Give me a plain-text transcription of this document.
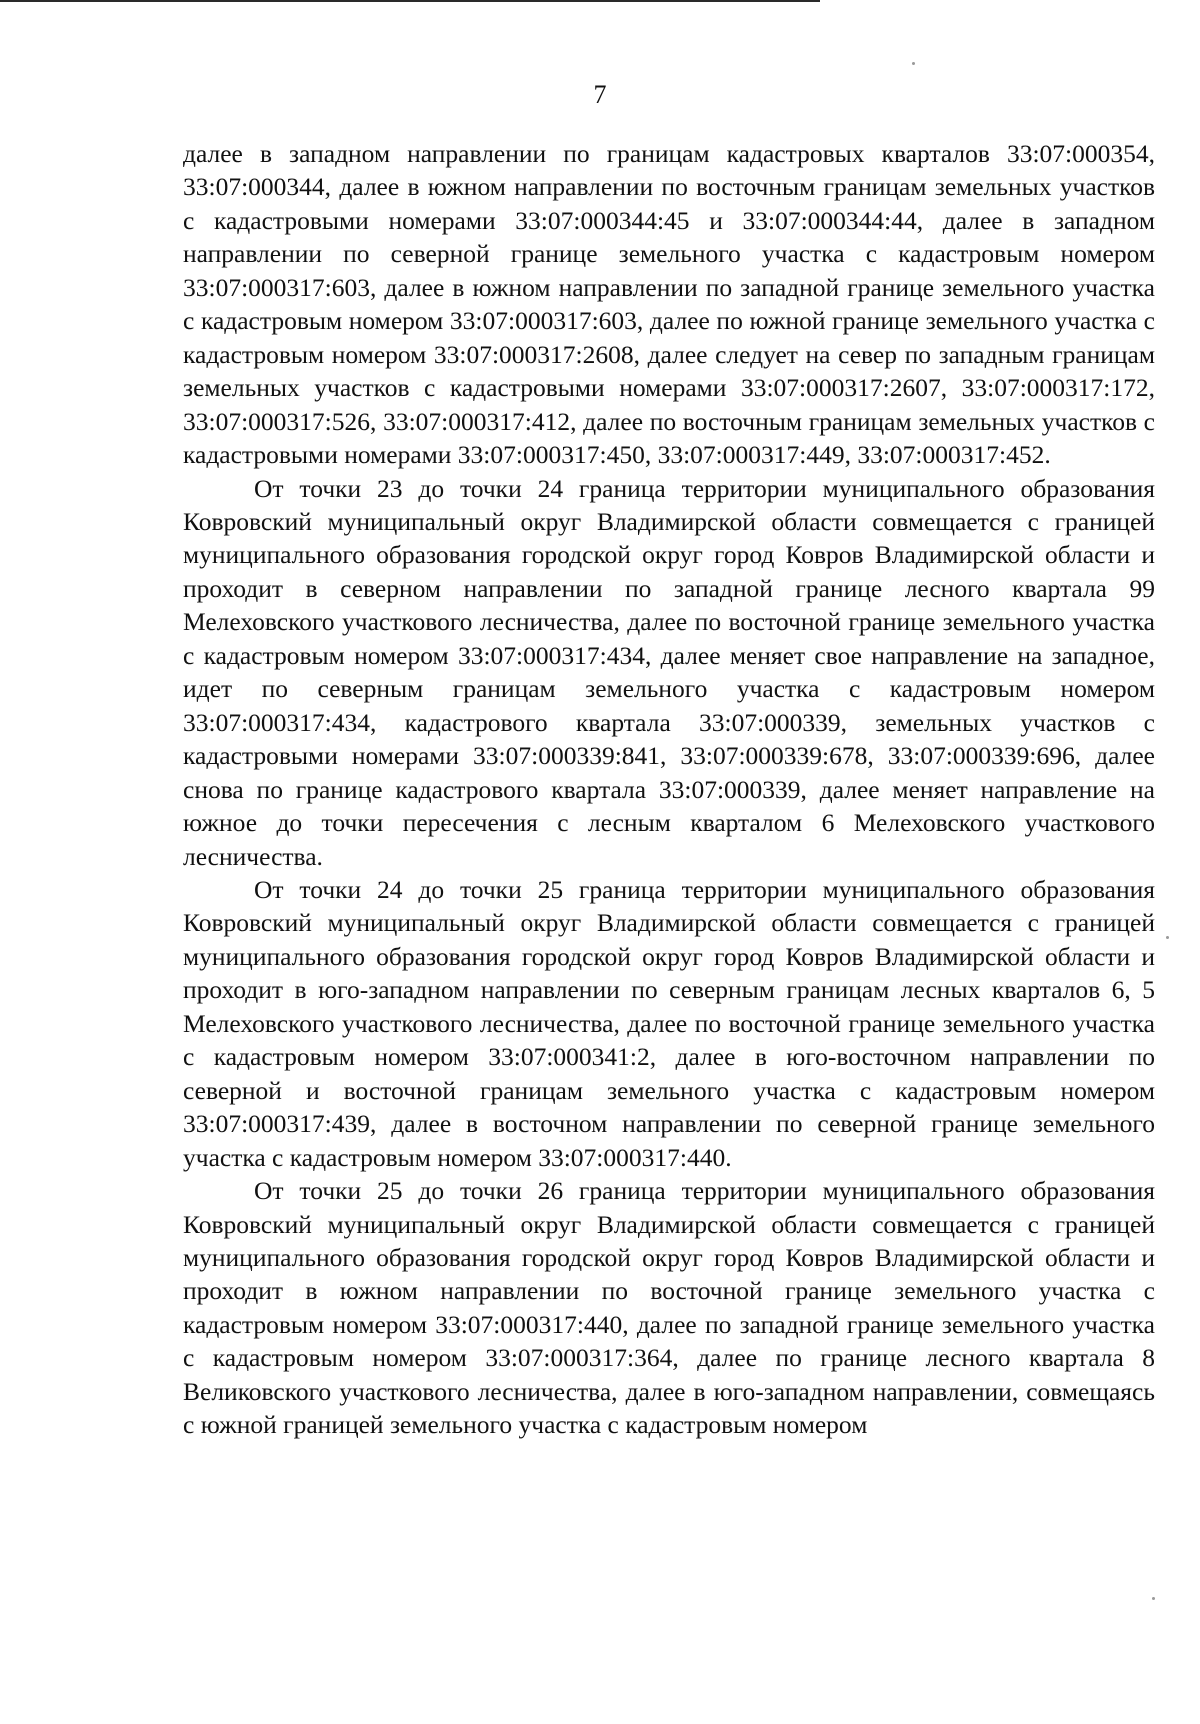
7

далее в западном направлении по границам кадастровых кварталов 33:07:000354, 33:07:000344, далее в южном направлении по восточным границам земельных участков с кадастровыми номерами 33:07:000344:45 и 33:07:000344:44, далее в западном направлении по северной границе земельного участка с кадастровым номером 33:07:000317:603, далее в южном направлении по западной границе земельного участка с кадастровым номером 33:07:000317:603, далее по южной границе земельного участка с кадастровым номером 33:07:000317:2608, далее следует на север по западным границам земельных участков с кадастровыми номерами 33:07:000317:2607, 33:07:000317:172, 33:07:000317:526, 33:07:000317:412, далее по восточным границам земельных участков с кадастровыми номерами 33:07:000317:450, 33:07:000317:449, 33:07:000317:452.

От точки 23 до точки 24 граница территории муниципального образования Ковровский муниципальный округ Владимирской области совмещается с границей муниципального образования городской округ город Ковров Владимирской области и проходит в северном направлении по западной границе лесного квартала 99 Мелеховского участкового лесничества, далее по восточной границе земельного участка с кадастровым номером 33:07:000317:434, далее меняет свое направление на западное, идет по северным границам земельного участка с кадастровым номером 33:07:000317:434, кадастрового квартала 33:07:000339, земельных участков с кадастровыми номерами 33:07:000339:841, 33:07:000339:678, 33:07:000339:696, далее снова по границе кадастрового квартала 33:07:000339, далее меняет направление на южное до точки пересечения с лесным кварталом 6 Мелеховского участкового лесничества.

От точки 24 до точки 25 граница территории муниципального образования Ковровский муниципальный округ Владимирской области совмещается с границей муниципального образования городской округ город Ковров Владимирской области и проходит в юго-западном направлении по северным границам лесных кварталов 6, 5 Мелеховского участкового лесничества, далее по восточной границе земельного участка с кадастровым номером 33:07:000341:2, далее в юго-восточном направлении по северной и восточной границам земельного участка с кадастровым номером 33:07:000317:439, далее в восточном направлении по северной границе земельного участка с кадастровым номером 33:07:000317:440.

От точки 25 до точки 26 граница территории муниципального образования Ковровский муниципальный округ Владимирской области совмещается с границей муниципального образования городской округ город Ковров Владимирской области и проходит в южном направлении по восточной границе земельного участка с кадастровым номером 33:07:000317:440, далее по западной границе земельного участка с кадастровым номером 33:07:000317:364, далее по границе лесного квартала 8 Великовского участкового лесничества, далее в юго-западном направлении, совмещаясь с южной границей земельного участка с кадастровым номером
